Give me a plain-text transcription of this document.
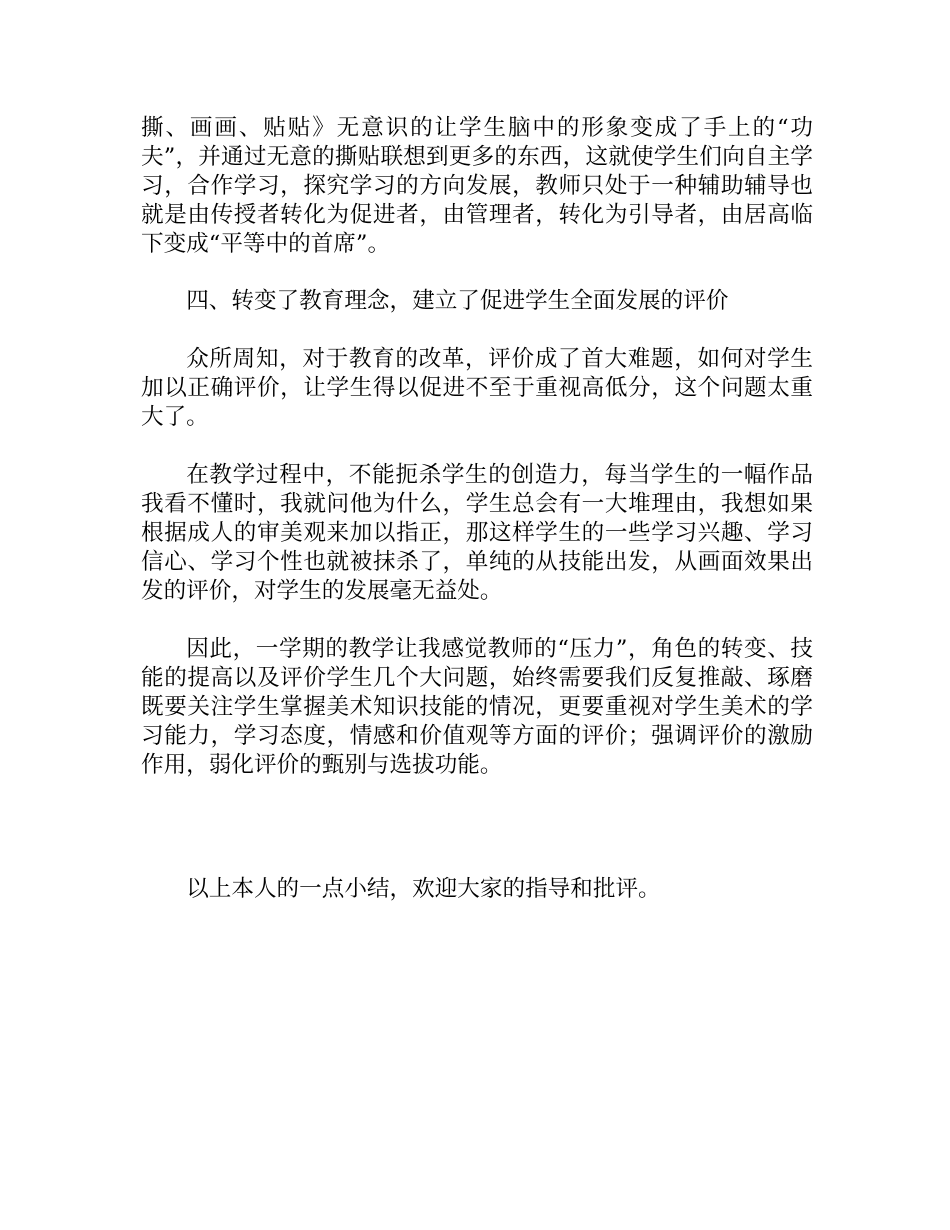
撕、画画、贴贴》无意识的让学生脑中的形象变成了手上的“功夫”，并通过无意的撕贴联想到更多的东西，这就使学生们向自主学习，合作学习，探究学习的方向发展，教师只处于一种辅助辅导也就是由传授者转化为促进者，由管理者，转化为引导者，由居高临下变成“平等中的首席”。

四、转变了教育理念，建立了促进学生全面发展的评价

众所周知，对于教育的改革，评价成了首大难题，如何对学生加以正确评价，让学生得以促进不至于重视高低分，这个问题太重大了。

在教学过程中，不能扼杀学生的创造力，每当学生的一幅作品我看不懂时，我就问他为什么，学生总会有一大堆理由，我想如果根据成人的审美观来加以指正，那这样学生的一些学习兴趣、学习信心、学习个性也就被抹杀了，单纯的从技能出发，从画面效果出发的评价，对学生的发展毫无益处。

因此，一学期的教学让我感觉教师的“压力”，角色的转变、技能的提高以及评价学生几个大问题，始终需要我们反复推敲、琢磨既要关注学生掌握美术知识技能的情况，更要重视对学生美术的学习能力，学习态度，情感和价值观等方面的评价；强调评价的激励作用，弱化评价的甄别与选拔功能。

以上本人的一点小结，欢迎大家的指导和批评。
